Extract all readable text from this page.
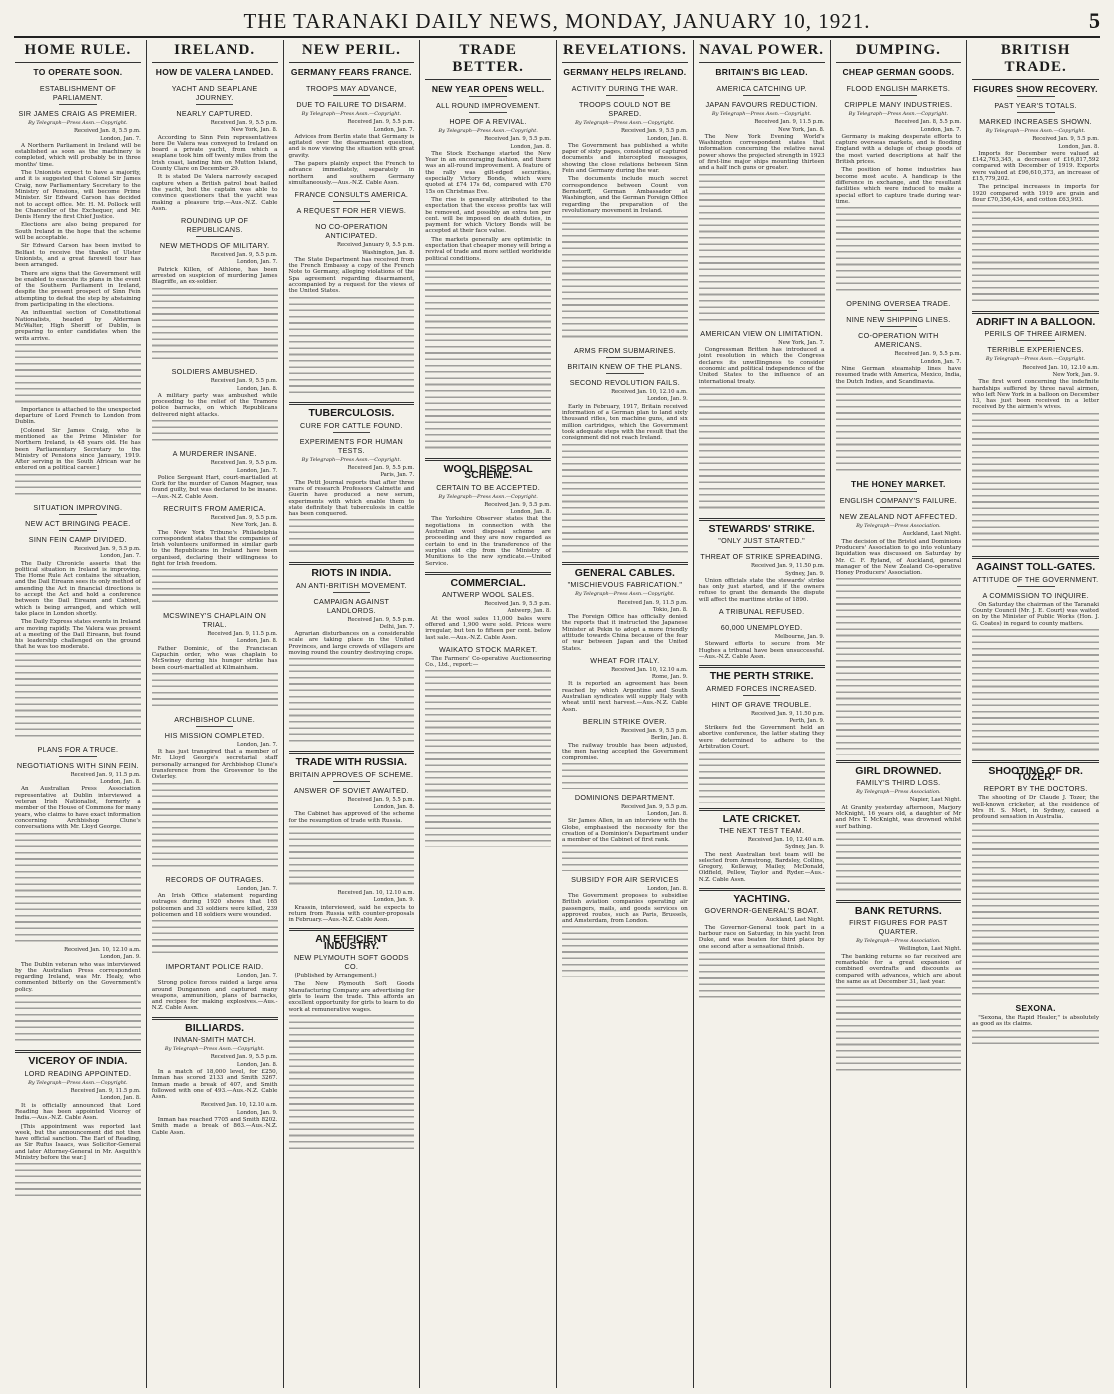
THE TARANAKI DAILY NEWS, MONDAY, JANUARY 10, 1921.	5
HOME RULE.
TO OPERATE SOON.
ESTABLISHMENT OF PARLIAMENT.
SIR JAMES CRAIG AS PREMIER.
By Telegraph—Press Assn.—Copyright.
Received Jan. 8, 5.5 p.m.
London, Jan. 7.
A Northern Parliament in Ireland will be established as soon as the machinery is completed, which will probably be in three months' time.
The Unionists expect to have a majority, and it is suggested that Colonel Sir James Craig, now Parliamentary Secretary to the Ministry of Pensions, will become Prime Minister. Sir Edward Carson has decided not to accept office. Mr. H. M. Pollock will be Chancellor of the Exchequer, and Mr. Denis Henry the first Chief Justice.
Elections are also being prepared for South Ireland in the hope that the scheme will be acceptable.
Sir Edward Carson has been invited to Belfast to receive the thanks of Ulster Unionists, and a great farewell tour has been arranged.
There are signs that the Government will be enabled to execute its plans in the event of the Southern Parliament in Ireland, despite the present prospect of Sinn Fein attempting to defeat the step by abstaining from participating in the elections.
An influential section of Constitutional Nationalists, headed by Alderman McWalter, High Sheriff of Dublin, is preparing to enter candidates when the writs arrive.
Importance is attached to the unexpected departure of Lord French to London from Dublin.
[Colonel Sir James Craig, who is mentioned as the Prime Minister for Northern Ireland, is 48 years old. He has been Parliamentary Secretary to the Ministry of Pensions since January, 1919. After serving in the South African war he entered on a political career.]
SITUATION IMPROVING.
NEW ACT BRINGING PEACE.
SINN FEIN CAMP DIVIDED.
Received Jan. 9, 5.5 p.m.
London, Jan. 7.
The Daily Chronicle asserts that the political situation in Ireland is improving. The Home Rule Act contains the situation, and the Dail Eireann sees its only method of amending the Act in financial directions is to accept the Act and hold a conference between the Dail Eireann and Cabinet, which is being arranged, and which will take place in London shortly.
The Daily Express states events in Ireland are moving rapidly. The Valera was present at a meeting of the Dail Eireann, but found his leadership challenged on the ground that he was too moderate.
PLANS FOR A TRUCE.
NEGOTIATIONS WITH SINN FEIN.
Received Jan. 9, 11.5 p.m.
London, Jan. 8.
An Australian Press Association representative at Dublin interviewed a veteran Irish Nationalist, formerly a member of the House of Commons for many years, who claims to have exact information concerning Archbishop Clune's conversations with Mr. Lloyd George.
Received Jan. 10, 12.10 a.m.
London, Jan. 9.
The Dublin veteran who was interviewed by the Australian Press correspondent regarding Ireland, was Mr. Healy, who commented bitterly on the Government's policy.
VICEROY OF INDIA.
LORD READING APPOINTED.
By Telegraph—Press Assn.—Copyright.
Received Jan. 9, 11.5 p.m.
London, Jan. 8.
It is officially announced that Lord Reading has been appointed Viceroy of India.—Aus.-N.Z. Cable Assn.
[This appointment was reported last week, but the announcement did not then have official sanction. The Earl of Reading, as Sir Rufus Isaacs, was Solicitor-General and later Attorney-General in Mr. Asquith's Ministry before the war.]
IRELAND.
HOW DE VALERA LANDED.
YACHT AND SEAPLANE JOURNEY.
NEARLY CAPTURED.
Received Jan. 9, 5.5 p.m.
New York, Jan. 8.
According to Sinn Fein representatives here De Valera was conveyed to Ireland on board a private yacht, from which a seaplane took him off twenty miles from the Irish coast, landing him on Mutton Island, County Clare on December 29.
It is stated De Valera narrowly escaped capture when a British patrol boat hailed the yacht, but the captain was able to convince questioners that the yacht was making a pleasure trip.—Aus.-N.Z. Cable Assn.
ROUNDING UP OF REPUBLICANS.
NEW METHODS OF MILITARY.
Received Jan. 9, 5.5 p.m.
London, Jan. 7.
Patrick Killen, of Athlone, has been arrested on suspicion of murdering James Blagriffe, an ex-soldier.
SOLDIERS AMBUSHED.
Received Jan. 9, 5.5 p.m.
London, Jan. 8.
A military party was ambushed while proceeding to the relief of the Tramore police barracks, on which Republicans delivered night attacks.
A MURDERER INSANE.
Received Jan. 9, 5.5 p.m.
London, Jan. 7.
Police Sergeant Hart, court-martialled at Cork for the murder of Canon Magner, was found guilty, but was declared to be insane.—Aus.-N.Z. Cable Assn.
RECRUITS FROM AMERICA.
Received Jan. 9, 5.5 p.m.
New York, Jan. 8.
The New York Tribune's Philadelphia correspondent states that the companies of Irish volunteers uniformed in similar garb to the Republicans in Ireland have been organised, declaring their willingness to fight for Irish freedom.
MCSWINEY'S CHAPLAIN ON TRIAL.
Received Jan. 9, 11.5 p.m.
London, Jan. 8.
Father Dominic, of the Franciscan Capuchin order, who was chaplain to McSwiney during his hunger strike has been court-martialled at Kilmainham.
ARCHBISHOP CLUNE.
HIS MISSION COMPLETED.
London, Jan. 7.
It has just transpired that a member of Mr. Lloyd George's secretarial staff personally arranged for Archbishop Clune's transference from the Grosvenor to the Osterley.
RECORDS OF OUTRAGES.
London, Jan. 7.
An Irish Office statement regarding outrages during 1920 shows that 165 policemen and 33 soldiers were killed, 239 policemen and 18 soldiers were wounded.
IMPORTANT POLICE RAID.
London, Jan. 7.
Strong police forces raided a large area around Dungannon and captured many weapons, ammunition, plans of barracks, and recipes for making explosives.—Aus.-N.Z. Cable Assn.
BILLIARDS.
INMAN-SMITH MATCH.
By Telegraph—Press Assn.—Copyright.
Received Jan. 9, 5.5 p.m.
London, Jan. 8.
In a match of 18,000 level, for £250, Inman has scored 2133 and Smith 3267. Inman made a break of 407, and Smith followed with one of 493.—Aus.-N.Z. Cable Assn.
Received Jan. 10, 12.10 a.m.
London, Jan. 9.
Inman has reached 7705 and Smith 8202. Smith made a break of 863.—Aus.-N.Z. Cable Assn.
NEW PERIL.
GERMANY FEARS FRANCE.
TROOPS MAY ADVANCE,
DUE TO FAILURE TO DISARM.
By Telegraph—Press Assn.—Copyright.
Received Jan. 9, 5.5 p.m.
London, Jan. 7.
Advices from Berlin state that Germany is agitated over the disarmament question, and is now viewing the situation with great gravity.
The papers plainly expect the French to advance immediately, separately in northern and southern Germany simultaneously.—Aus.-N.Z. Cable Assn.
FRANCE CONSULTS AMERICA.
A REQUEST FOR HER VIEWS.
NO CO-OPERATION ANTICIPATED.
Received January 9, 5.5 p.m.
Washington, Jan. 8.
The State Department has received from the French Embassy a copy of the French Note to Germany, alleging violations of the Spa agreement regarding disarmament, accompanied by a request for the views of the United States.
TUBERCULOSIS.
CURE FOR CATTLE FOUND.
EXPERIMENTS FOR HUMAN TESTS.
By Telegraph—Press Assn.—Copyright.
Received Jan. 9, 5.5 p.m.
Paris, Jan. 7.
The Petit Journal reports that after three years of research Professors Calmette and Guerin have produced a new serum, experiments with which enable them to state definitely that tuberculosis in cattle has been conquered.
RIOTS IN INDIA.
AN ANTI-BRITISH MOVEMENT.
CAMPAIGN AGAINST LANDLORDS.
Received Jan. 9, 5.5 p.m.
Delhi, Jan. 7.
Agrarian disturbances on a considerable scale are taking place in the United Provinces, and large crowds of villagers are moving round the country destroying crops.
TRADE WITH RUSSIA.
BRITAIN APPROVES OF SCHEME.
ANSWER OF SOVIET AWAITED.
Received Jan. 9, 5.5 p.m.
London, Jan. 8.
The Cabinet has approved of the scheme for the resumption of trade with Russia.
Received Jan. 10, 12.10 a.m.
London, Jan. 9.
Krassin, interviewed, said he expects to return from Russia with counter-proposals in February.—Aus.-N.Z. Cable Assn.
AN EFFICIENT INDUSTRY.
NEW PLYMOUTH SOFT GOODS CO.
(Published by Arrangement.)
The New Plymouth Soft Goods Manufacturing Company are advertising for girls to learn the trade. This affords an excellent opportunity for girls to learn to do work at remunerative wages.
TRADE BETTER.
NEW YEAR OPENS WELL.
ALL ROUND IMPROVEMENT.
HOPE OF A REVIVAL.
By Telegraph—Press Assn.—Copyright.
Received Jan. 9, 5.5 p.m.
London, Jan. 8.
The Stock Exchange started the New Year in an encouraging fashion, and there was an all-round improvement. A feature of the rally was gilt-edged securities, especially Victory Bonds, which were quoted at £74 17s 6d, compared with £70 15s on Christmas Eve.
The rise is generally attributed to the expectation that the excess profits tax will be removed, and possibly an extra ten per cent. will be imposed on death duties, in payment for which Victory Bonds will be accepted at their face value.
The markets generally are optimistic in expectation that cheaper money will bring a revival of trade and more settled worldwide political conditions.
WOOL DISPOSAL SCHEME.
CERTAIN TO BE ACCEPTED.
By Telegraph—Press Assn.—Copyright.
Received Jan. 9, 5.5 p.m.
London, Jan. 8.
The Yorkshire Observer states that the negotiations in connection with the Australian wool disposal scheme are proceeding and they are now regarded as certain to end in the transference of the surplus old clip from the Ministry of Munitions to the new syndicate.—United Service.
COMMERCIAL.
ANTWERP WOOL SALES.
Received Jan. 9, 5.5 p.m.
Antwerp, Jan. 8.
At the wool sales 11,000 bales were offered and 1,900 were sold. Prices were irregular, but ten to fifteen per cent. below last sale.—Aus.-N.Z. Cable Assn.
WAIKATO STOCK MARKET.
The Farmers' Co-operative Auctioneering Co., Ltd., report:—
REVELATIONS.
GERMANY HELPS IRELAND.
ACTIVITY DURING THE WAR.
TROOPS COULD NOT BE SPARED.
By Telegraph—Press Assn.—Copyright.
Received Jan. 9, 5.5 p.m.
London, Jan. 8.
The Government has published a white paper of sixty pages, consisting of captured documents and intercepted messages, showing the close relations between Sinn Fein and Germany during the war.
The documents include much secret correspondence between Count von Bernstorff, German Ambassador at Washington, and the German Foreign Office regarding the preparation of the revolutionary movement in Ireland.
ARMS FROM SUBMARINES.
BRITAIN KNEW OF THE PLANS.
SECOND REVOLUTION FAILS.
Received Jan. 10, 12.10 a.m.
London, Jan. 9.
Early in February, 1917, Britain received information of a German plan to land sixty thousand rifles, ten machine guns, and six million cartridges, which the Government took adequate steps with the result that the consignment did not reach Ireland.
GENERAL CABLES.
"MISCHIEVOUS FABRICATION."
By Telegraph—Press Assn.—Copyright.
Received Jan. 9, 11.5 p.m.
Tokio, Jan. 8.
The Foreign Office has officially denied the reports that it instructed the Japanese Minister at Pekin to adopt a more friendly attitude towards China because of the fear of war between Japan and the United States.
WHEAT FOR ITALY.
Received Jan. 10, 12.10 a.m.
Rome, Jan. 9.
It is reported an agreement has been reached by which Argentine and South Australian syndicates will supply Italy with wheat until next harvest.—Aus.-N.Z. Cable Assn.
BERLIN STRIKE OVER.
Received Jan. 9, 5.5 p.m.
Berlin, Jan. 8.
The railway trouble has been adjusted, the men having accepted the Government compromise.
DOMINIONS DEPARTMENT.
Received Jan. 9, 5.5 p.m.
London, Jan. 8.
Sir James Allen, in an interview with the Globe, emphasised the necessity for the creation of a Dominion's Department under a member of the Cabinet of first rank.
SUBSIDY FOR AIR SERVICES
London, Jan. 8.
The Government proposes to subsidise British aviation companies operating air passengers, mails, and goods services on approved routes, such as Paris, Brussels, and Amsterdam, from London.
NAVAL POWER.
BRITAIN'S BIG LEAD.
AMERICA CATCHING UP.
JAPAN FAVOURS REDUCTION.
By Telegraph—Press Assn.—Copyright.
Received Jan. 9, 11.5 p.m.
New York, Jan. 8.
The New York Evening World's Washington correspondent states that information concerning the relative naval power shows the projected strength in 1923 of first-line major ships mounting thirteen and a half inch guns or greater.
AMERICAN VIEW ON LIMITATION.
New York, Jan. 7.
Congressman Britten has introduced a joint resolution in which the Congress declares its unwillingness to consider economic and political independence of the United States to the influence of an international treaty.
STEWARDS' STRIKE.
"ONLY JUST STARTED."
THREAT OF STRIKE SPREADING.
Received Jan. 9, 11.50 p.m.
Sydney, Jan. 9.
Union officials state the stewards' strike has only just started, and if the owners refuse to grant the demands the dispute will affect the maritime strike of 1890.
A TRIBUNAL REFUSED.
60,000 UNEMPLOYED.
Melbourne, Jan. 9.
Steward efforts to secure from Mr Hughes a tribunal have been unsuccessful.—Aus.-N.Z. Cable Assn.
THE PERTH STRIKE.
ARMED FORCES INCREASED.
HINT OF GRAVE TROUBLE.
Received Jan. 9, 11.50 p.m.
Perth, Jan. 9.
Strikers fed the Government held an abortive conference, the latter stating they were determined to adhere to the Arbitration Court.
LATE CRICKET.
THE NEXT TEST TEAM.
Received Jan. 10, 12.40 a.m.
Sydney, Jan. 9.
The next Australian test team will be selected from Armstrong, Bardsley, Collins, Gregory, Kelleway, Mailey, McDonald, Oldfield, Pellew, Taylor and Ryder.—Aus.-N.Z. Cable Assn.
YACHTING.
GOVERNOR-GENERAL'S BOAT.
Auckland, Last Night.
The Governor-General took part in a harbour race on Saturday, in his yacht Iron Duke, and was beaten for third place by one second after a sensational finish.
DUMPING.
CHEAP GERMAN GOODS.
FLOOD ENGLISH MARKETS.
CRIPPLE MANY INDUSTRIES.
By Telegraph—Press Assn.—Copyright.
Received Jan. 8, 5.5 p.m.
London, Jan. 7.
Germany is making desperate efforts to capture overseas markets, and is flooding England with a deluge of cheap goods of the most varied descriptions at half the British prices.
The position of home industries has become most acute. A handicap is the difference in exchange, and the resultant facilities which were induced to make a special effort to capture trade during war-time.
OPENING OVERSEA TRADE.
NINE NEW SHIPPING LINES.
CO-OPERATION WITH AMERICANS.
Received Jan. 9, 5.5 p.m.
London, Jan. 7.
Nine German steamship lines have resumed trade with America, Mexico, India, the Dutch Indies, and Scandinavia.
THE HONEY MARKET.
ENGLISH COMPANY'S FAILURE.
NEW ZEALAND NOT AFFECTED.
By Telegraph—Press Association.
Auckland, Last Night.
The decision of the Bristol and Dominions Producers' Association to go into voluntary liquidation was discussed on Saturday by Mr. C. F. Ryland, of Auckland, general manager of the New Zealand Co-operative Honey Producers' Association.
GIRL DROWNED.
FAMILY'S THIRD LOSS.
By Telegraph—Press Association.
Napier, Last Night.
At Granity yesterday afternoon, Marjory McKnight, 16 years old, a daughter of Mr and Mrs T. McKnight, was drowned whilst surf bathing.
BANK RETURNS.
FIRST FIGURES FOR PAST QUARTER.
By Telegraph—Press Association.
Wellington, Last Night.
The banking returns so far received are remarkable for a great expansion of combined overdrafts and discounts as compared with advances, which are about the same as at December 31, last year.
BRITISH TRADE.
FIGURES SHOW RECOVERY.
PAST YEAR'S TOTALS.
MARKED INCREASES SHOWN.
By Telegraph—Press Assn.—Copyright.
Received Jan. 9, 5.5 p.m.
London, Jan. 8.
Imports for December were valued at £142,763,345, a decrease of £16,817,592 compared with December of 1919. Exports were valued at £96,610,373, an increase of £15,779,202.
The principal increases in imports for 1920 compared with 1919 are grain and flour £70,356,434, and cotton £63,993.
ADRIFT IN A BALLOON.
PERILS OF THREE AIRMEN.
TERRIBLE EXPERIENCES.
By Telegraph—Press Assn.—Copyright.
Received Jan. 10, 12.10 a.m.
New York, Jan. 9.
The first word concerning the indefinite hardships suffered by three naval airmen, who left New York in a balloon on December 13, has just been received in a letter received by the airmen's wives.
AGAINST TOLL-GATES.
ATTITUDE OF THE GOVERNMENT.
A COMMISSION TO INQUIRE.
On Saturday the chairman of the Taranaki County Council (Mr. J. E. Court) was waited on by the Minister of Public Works (Hon. J. G. Coates) in regard to county matters.
SHOOTING OF DR. TOZER.
REPORT BY THE DOCTORS.
The shooting of Dr Claude J. Tozer, the well-known cricketer, at the residence of Mrs H. S. Mort, in Sydney, caused a profound sensation in Australia.
SEXONA.
"Sexona, the Rapid Healer," is absolutely as good as its claims.
